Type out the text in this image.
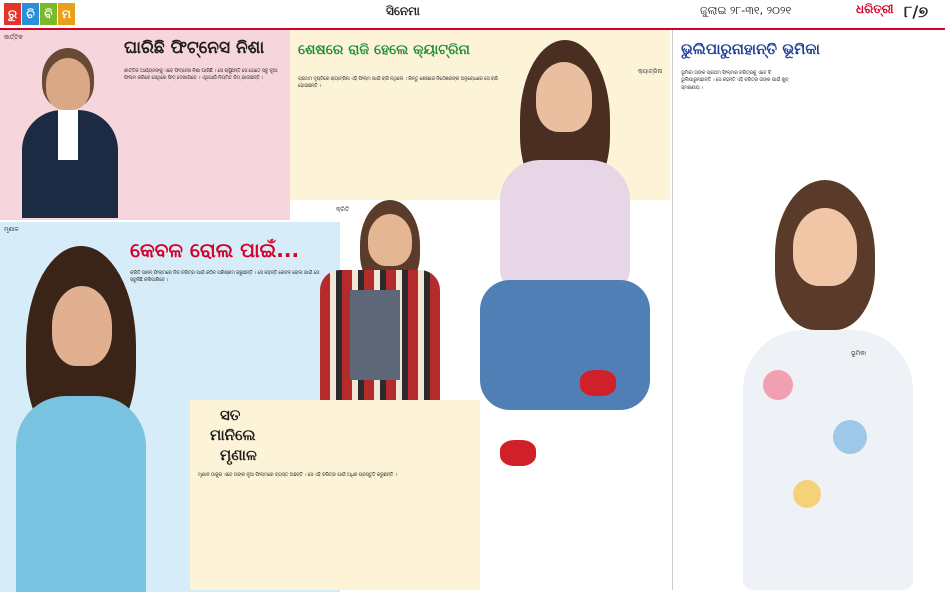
ରୁ ଚି ବି ମ	ସିନେମା	ଜୁଲାଇ ୨୮-୩୧, ୨୦୨୧	ଧରିତ୍ରୀ ୮/୭
କାର୍ତ୍ତିକ
ଘାରିଛି ଫିଟ୍‌ନେସ ନିଶା
କାର୍ତ୍ତିକ ଆର୍ଯ୍ୟନଙ୍କୁ ଏବେ ଫିଟ୍‌ନେସ ନିଶା ଘାରିଛି । ସେ ଚାହୁଁଛନ୍ତି ସେ ଯେତେ ସବୁ ନୂଆ ଫିଲ୍ମ କରିବେ ସେଥିରେ ଫିଟ୍ ଦେଖାଯିବେ । ଏଥିପାଇଁ ନିୟମିତ ଜିମ୍ ଯାଉଛନ୍ତି ।
ଶେଷରେ ରାଜି ହେଲେ କ୍ୟାଟ୍ରିନା
ପ୍ରଥମ ଦୃଷ୍ଟିରେ କ୍ୟାଟ୍ରିନା ଏହି ଫିଲ୍ମ ପାଇଁ ରାଜି ନଥିଲେ । କିନ୍ତୁ ଶେଷରେ ନିର୍ଦ୍ଦେଶକଙ୍କ ଅନୁରୋଧରେ ସେ ରାଜି ହୋଇଛନ୍ତି ।
ଭୁଲିପାରୁନାହାନ୍ତି ଭୂମିକା
ଭୂମିକା ତାଙ୍କ ପ୍ରଥମ ଫିଲ୍ମର ଚରିତ୍ରକୁ ଏବେ ବି ଭୁଲିପାରୁନାହାନ୍ତି । ସେ କହନ୍ତି ଏହି ଚରିତ୍ର ତାଙ୍କ ପାଇଁ ଖୁବ୍ ସ୍ମରଣୀୟ ।
ଭୂମିକା
କ୍ୟାଟ୍ରିନା
ମୃଣାଳ
କେବଳ ରୋଲ ପାଇଁ...
କ୍ରିତି ସାନନ୍ ଫିଲ୍ମରେ ନିଜ ଚରିତ୍ର ପାଇଁ କଠିନ ପରିଶ୍ରମ କରୁଛନ୍ତି । ସେ କହନ୍ତି କେବଳ ରୋଲ ପାଇଁ ସେ ସବୁକିଛି କରିପାରିବେ ।
କ୍ରିତି
ସତ
ମାନିଲେ
ମୃଣାଳ
ମୃଣାଳ ଠାକୁର ଏବେ ତାଙ୍କ ନୂଆ ଫିଲ୍ମରେ ବ୍ୟସ୍ତ ଅଛନ୍ତି । ସେ ଏହି ଚରିତ୍ର ପାଇଁ ଅଧିକ ପ୍ରସ୍ତୁତି କରୁଛନ୍ତି ।
